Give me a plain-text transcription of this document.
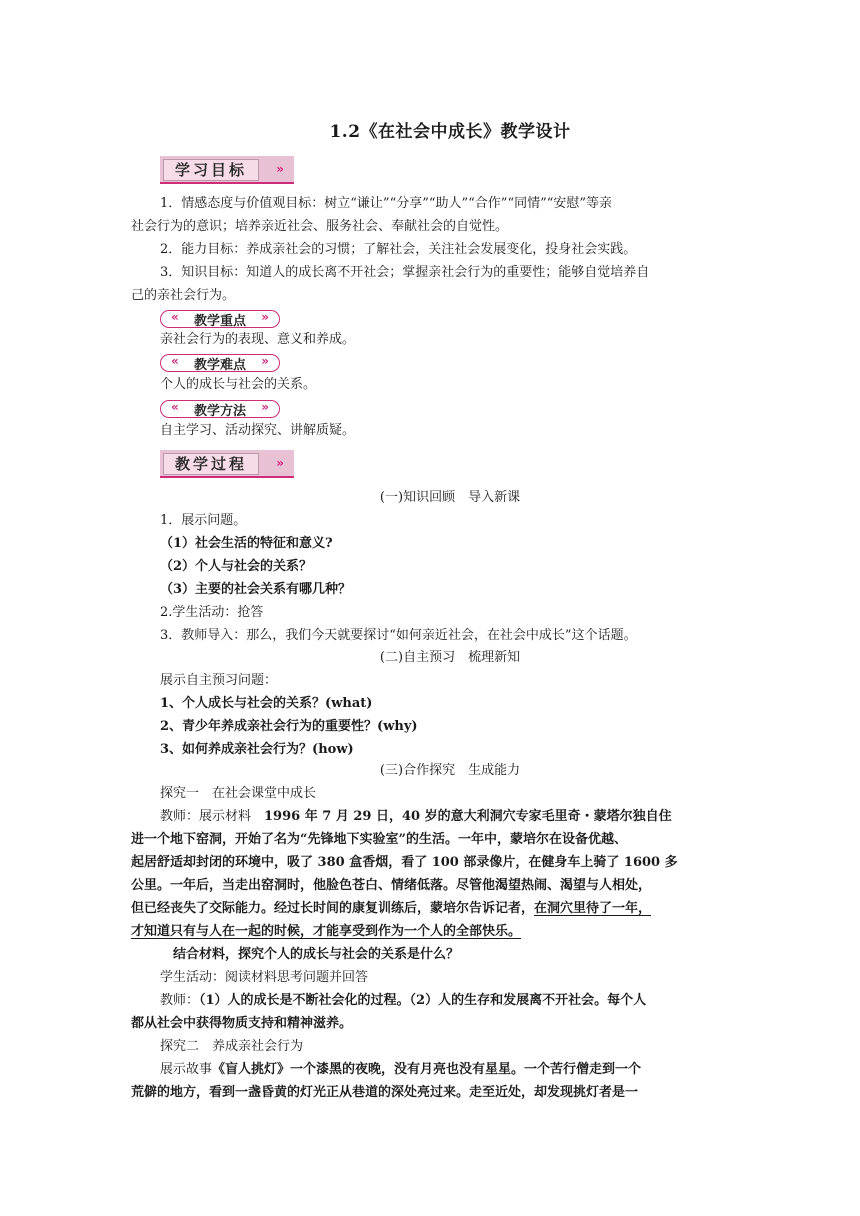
1.2《在社会中成长》教学设计
学习目标	»
1．情感态度与价值观目标：树立“谦让”“分享”“助人”“合作”“同情”“安慰”等亲
社会行为的意识；培养亲近社会、服务社会、奉献社会的自觉性。
2．能力目标：养成亲社会的习惯；了解社会，关注社会发展变化，投身社会实践。
3．知识目标：知道人的成长离不开社会；掌握亲社会行为的重要性；能够自觉培养自
己的亲社会行为。
«	教学重点	»
亲社会行为的表现、意义和养成。
«	教学难点	»
个人的成长与社会的关系。
«	教学方法	»
自主学习、活动探究、讲解质疑。
教学过程	»
(一)知识回顾　导入新课
1．展示问题。
（1）社会生活的特征和意义?
（2）个人与社会的关系？
（3）主要的社会关系有哪几种？
2.学生活动：抢答
3．教师导入：那么，我们今天就要探讨“如何亲近社会，在社会中成长”这个话题。
(二)自主预习　梳理新知
展示自主预习问题：
1、个人成长与社会的关系？(what)
2、青少年养成亲社会行为的重要性？(why)
3、如何养成亲社会行为？(how)
(三)合作探究　生成能力
探究一　在社会课堂中成长
教师：展示材料　1996 年 7 月 29 日，40 岁的意大利洞穴专家毛里奇・蒙塔尔独自住
进一个地下窑洞，开始了名为“先锋地下实验室”的生活。一年中，蒙培尔在设备优越、
起居舒适却封闭的环境中，吸了 380 盒香烟，看了 100 部录像片，在健身车上骑了 1600 多
公里。一年后，当走出窑洞时，他脸色苍白、情绪低落。尽管他渴望热闹、渴望与人相处，
但已经丧失了交际能力。经过长时间的康复训练后，蒙培尔告诉记者，在洞穴里待了一年，
才知道只有与人在一起的时候，才能享受到作为一个人的全部快乐。
结合材料，探究个人的成长与社会的关系是什么？
学生活动：阅读材料思考问题并回答
教师：（1）人的成长是不断社会化的过程。（2）人的生存和发展离不开社会。每个人
都从社会中获得物质支持和精神滋养。
探究二　养成亲社会行为
展示故事《盲人挑灯》一个漆黑的夜晚，没有月亮也没有星星。一个苦行僧走到一个
荒僻的地方，看到一盏昏黄的灯光正从巷道的深处亮过来。走至近处，却发现挑灯者是一
